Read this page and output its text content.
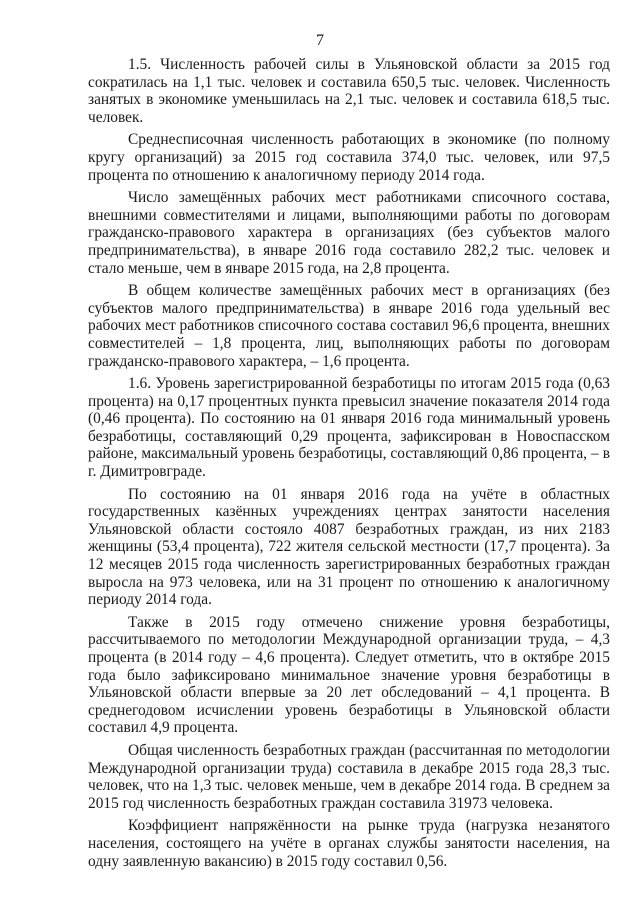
7

1.5. Численность рабочей силы в Ульяновской области за 2015 год сократилась на 1,1 тыс. человек и составила 650,5 тыс. человек. Численность занятых в экономике уменьшилась на 2,1 тыс. человек и составила 618,5 тыс. человек.

Среднесписочная численность работающих в экономике (по полному кругу организаций) за 2015 год составила 374,0 тыс. человек, или 97,5 процента по отношению к аналогичному периоду 2014 года.

Число замещённых рабочих мест работниками списочного состава, внешними совместителями и лицами, выполняющими работы по договорам гражданско-правового характера в организациях (без субъектов малого предпринимательства), в январе 2016 года составило 282,2 тыс. человек и стало меньше, чем в январе 2015 года, на 2,8 процента.

В общем количестве замещённых рабочих мест в организациях (без субъектов малого предпринимательства) в январе 2016 года удельный вес рабочих мест работников списочного состава составил 96,6 процента, внешних совместителей – 1,8 процента, лиц, выполняющих работы по договорам гражданско-правового характера, – 1,6 процента.

1.6. Уровень зарегистрированной безработицы по итогам 2015 года (0,63 процента) на 0,17 процентных пункта превысил значение показателя 2014 года (0,46 процента). По состоянию на 01 января 2016 года минимальный уровень безработицы, составляющий 0,29 процента, зафиксирован в Новоспасском районе, максимальный уровень безработицы, составляющий 0,86 процента, – в г. Димитровграде.

По состоянию на 01 января 2016 года на учёте в областных государственных казённых учреждениях центрах занятости населения Ульяновской области состояло 4087 безработных граждан, из них 2183 женщины (53,4 процента), 722 жителя сельской местности (17,7 процента). За 12 месяцев 2015 года численность зарегистрированных безработных граждан выросла на 973 человека, или на 31 процент по отношению к аналогичному периоду 2014 года.

Также в 2015 году отмечено снижение уровня безработицы, рассчитываемого по методологии Международной организации труда, – 4,3 процента (в 2014 году – 4,6 процента). Следует отметить, что в октябре 2015 года было зафиксировано минимальное значение уровня безработицы в Ульяновской области впервые за 20 лет обследований – 4,1 процента. В среднегодовом исчислении уровень безработицы в Ульяновской области составил 4,9 процента.

Общая численность безработных граждан (рассчитанная по методологии Международной организации труда) составила в декабре 2015 года 28,3 тыс. человек, что на 1,3 тыс. человек меньше, чем в декабре 2014 года. В среднем за 2015 год численность безработных граждан составила 31973 человека.

Коэффициент напряжённости на рынке труда (нагрузка незанятого населения, состоящего на учёте в органах службы занятости населения, на одну заявленную вакансию) в 2015 году составил 0,56.
